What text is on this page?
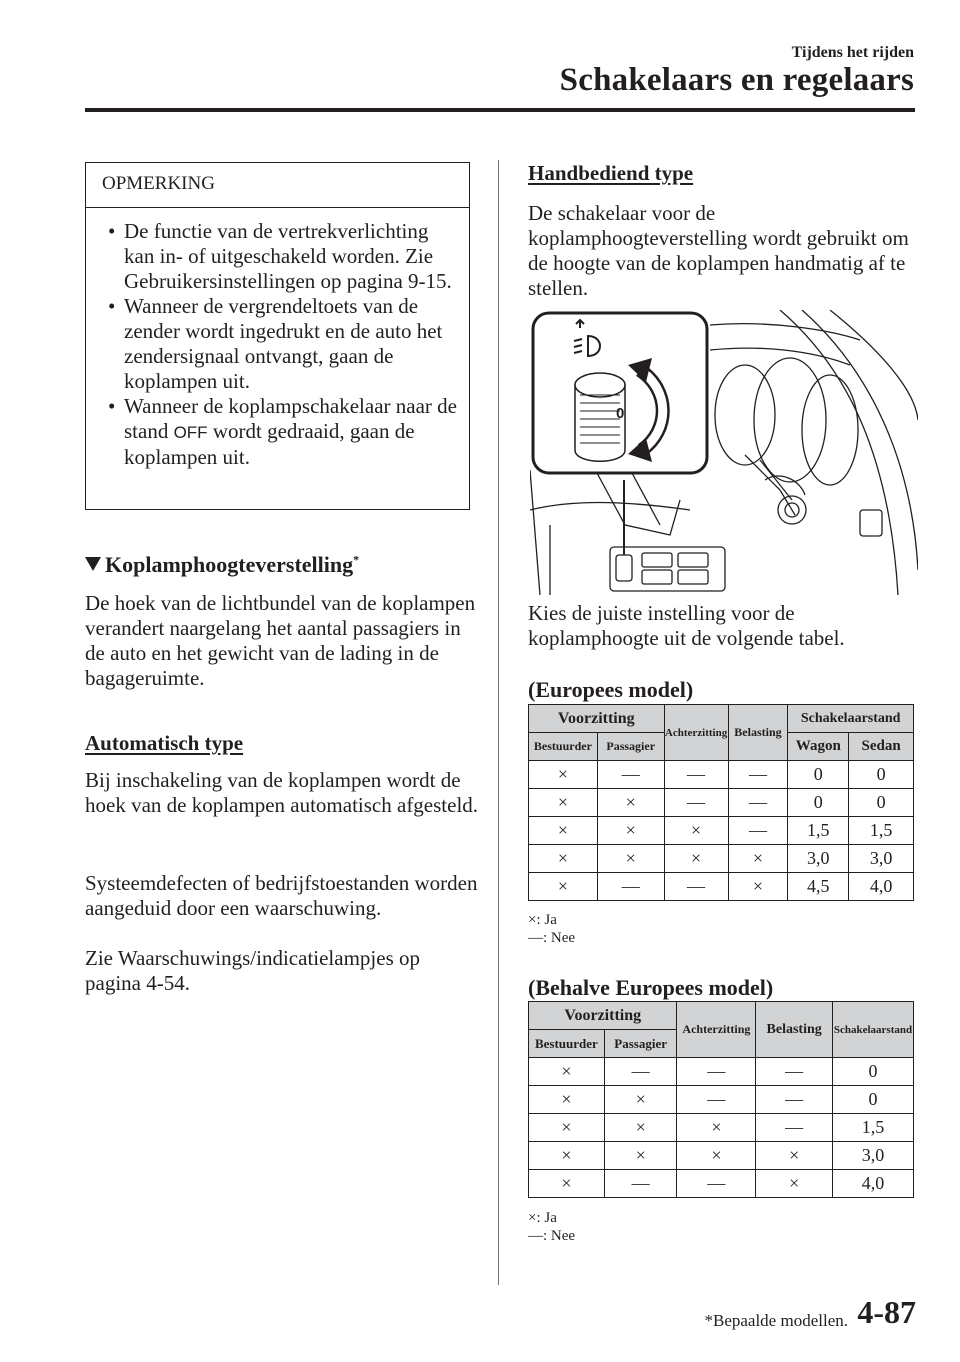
Tijdens het rijden
Schakelaars en regelaars
OPMERKING
• De functie van de vertrekverlichting kan in- of uitgeschakeld worden. Zie Gebruikersinstellingen op pagina 9-15.
• Wanneer de vergrendeltoets van de zender wordt ingedrukt en de auto het zendersignaal ontvangt, gaan de koplampen uit.
• Wanneer de koplampschakelaar naar de stand OFF wordt gedraaid, gaan de koplampen uit.
Koplamphoogteverstelling*
De hoek van de lichtbundel van de koplampen verandert naargelang het aantal passagiers in de auto en het gewicht van de lading in de bagageruimte.
Automatisch type
Bij inschakeling van de koplampen wordt de hoek van de koplampen automatisch afgesteld.
Systeemdefecten of bedrijfstoestanden worden aangeduid door een waarschuwing.
Zie Waarschuwings/indicatielampjes op pagina 4-54.
Handbediend type
De schakelaar voor de koplamphoogteverstelling wordt gebruikt om de hoogte van de koplampen handmatig af te stellen.
0
Kies de juiste instelling voor de koplamphoogte uit de volgende tabel.
(Europees model)
Voorzitting		Achterzitting	Belasting	Schakelaarstand	
Bestuurder	Passagier			Wagon	Sedan
×	—	—	—	0	0
×	×	—	—	0	0
×	×	×	—	1,5	1,5
×	×	×	×	3,0	3,0
×	—	—	×	4,5	4,0
×: Ja
—: Nee
(Behalve Europees model)
Voorzitting		Achterzitting	Belasting	Schakelaarstand
Bestuurder	Passagier			
×	—	—	—	0
×	×	—	—	0
×	×	×	—	1,5
×	×	×	×	3,0
×	—	—	×	4,0
×: Ja
—: Nee
*Bepaalde modellen. 4-87
